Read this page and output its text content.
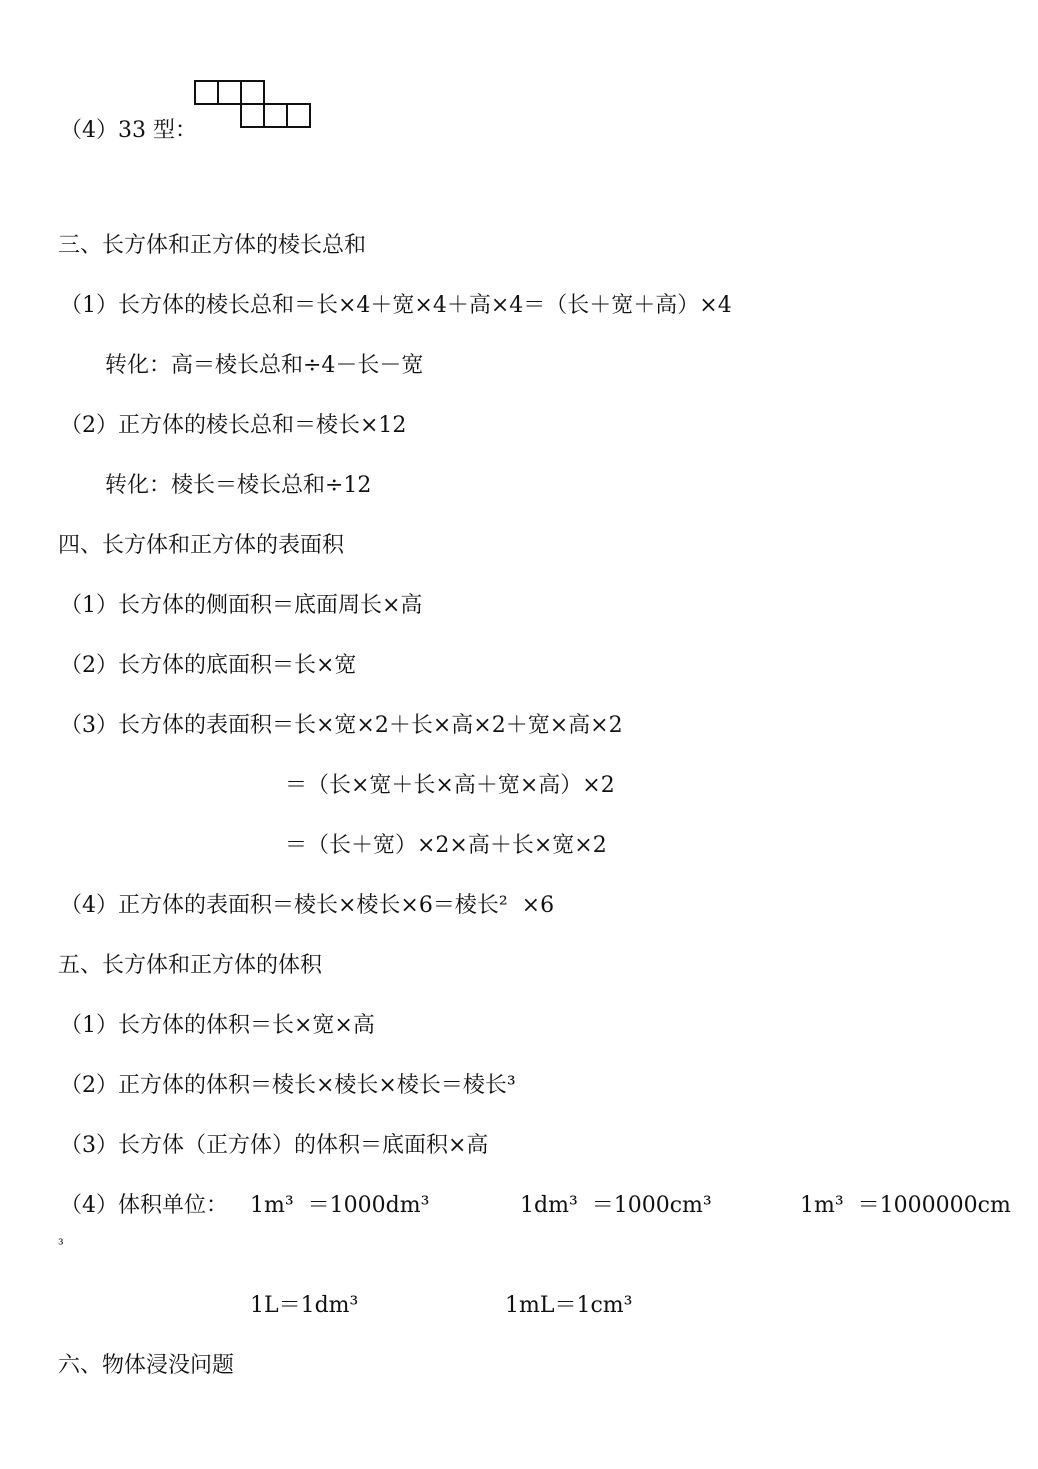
（4）33 型：
三、长方体和正方体的棱长总和
（1）长方体的棱长总和＝长×4＋宽×4＋高×4＝（长＋宽＋高）×4
转化：高＝棱长总和÷4－长－宽
（2）正方体的棱长总和＝棱长×12
转化：棱长＝棱长总和÷12
四、长方体和正方体的表面积
（1）长方体的侧面积＝底面周长×高
（2）长方体的底面积＝长×宽
（3）长方体的表面积＝长×宽×2＋长×高×2＋宽×高×2
＝（长×宽＋长×高＋宽×高）×2
＝（长＋宽）×2×高＋长×宽×2
（4）正方体的表面积＝棱长×棱长×6＝棱长²  ×6
五、长方体和正方体的体积
（1）长方体的体积＝长×宽×高
（2）正方体的体积＝棱长×棱长×棱长＝棱长³
（3）长方体（正方体）的体积＝底面积×高
（4）体积单位： 1m³  ＝1000dm³	1dm³  ＝1000cm³	1m³  ＝1000000cm
³
1L＝1dm³	1mL＝1cm³
六、物体浸没问题
